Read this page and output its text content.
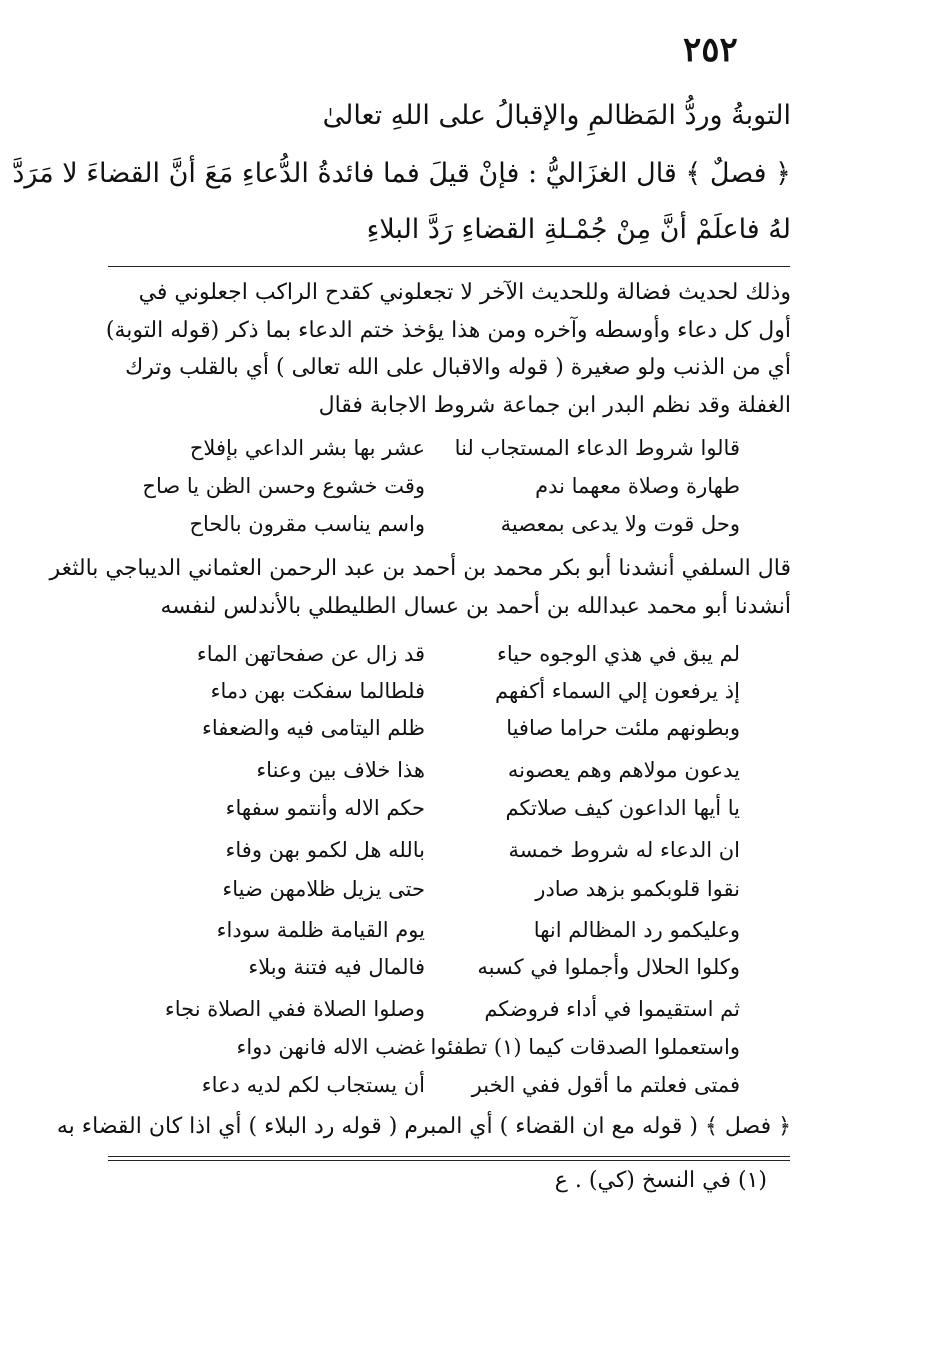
٢٥٢
التوبةُ وردُّ المَظالمِ والإقبالُ على اللهِ تعالىٰ
﴿ فصلٌ ﴾ قال الغزَاليُّ : فإنْ قيلَ فما فائدةُ الدُّعاءِ مَعَ أنَّ القضاءَ لا مَرَدَّ
لهُ فاعلَمْ أنَّ مِنْ جُمْـلةِ القضاءِ رَدَّ البلاءِ
وذلك لحديث فضالة وللحديث الآخر لا تجعلوني كقدح الراكب اجعلوني في
أول كل دعاء وأوسطه وآخره ومن هذا يؤخذ ختم الدعاء بما ذكر (قوله التوبة)
أي من الذنب ولو صغيرة ( قوله والاقبال على الله تعالى ) أي بالقلب وترك
الغفلة وقد نظم البدر ابن جماعة شروط الاجابة فقال
قالوا شروط الدعاء المستجاب لنا
عشر بها بشر الداعي بإفلاح
طهارة وصلاة معهما ندم
وقت خشوع وحسن الظن يا صاح
وحل قوت ولا يدعى بمعصية
واسم يناسب مقرون بالحاح
قال السلفي أنشدنا أبو بكر محمد بن أحمد بن عبد الرحمن العثماني الديباجي بالثغر
أنشدنا أبو محمد عبدالله بن أحمد بن عسال الطليطلي بالأندلس لنفسه
لم يبق في هذي الوجوه حياء
قد زال عن صفحاتهن الماء
إذ يرفعون إلي السماء أكفهم
فلطالما سفكت بهن دماء
وبطونهم ملئت حراما صافيا
ظلم اليتامى فيه والضعفاء
يدعون مولاهم وهم يعصونه
هذا خلاف بين وعناء
يا أيها الداعون كيف صلاتكم
حكم الاله وأنتمو سفهاء
ان الدعاء له شروط خمسة
بالله هل لكمو بهن وفاء
نقوا قلوبكمو بزهد صادر
حتى يزيل ظلامهن ضياء
وعليكمو رد المظالم انها
يوم القيامة ظلمة سوداء
وكلوا الحلال وأجملوا في كسبه
فالمال فيه فتنة وبلاء
ثم استقيموا في أداء فروضكم
وصلوا الصلاة ففي الصلاة نجاء
واستعملوا الصدقات كيما (١) تطفئوا
غضب الاله فانهن دواء
فمتى فعلتم ما أقول ففي الخبر
أن يستجاب لكم لديه دعاء
﴿ فصل ﴾ ( قوله مع ان القضاء ) أي المبرم ( قوله رد البلاء ) أي اذا كان القضاء به
(١) في النسخ (كي) . ع
